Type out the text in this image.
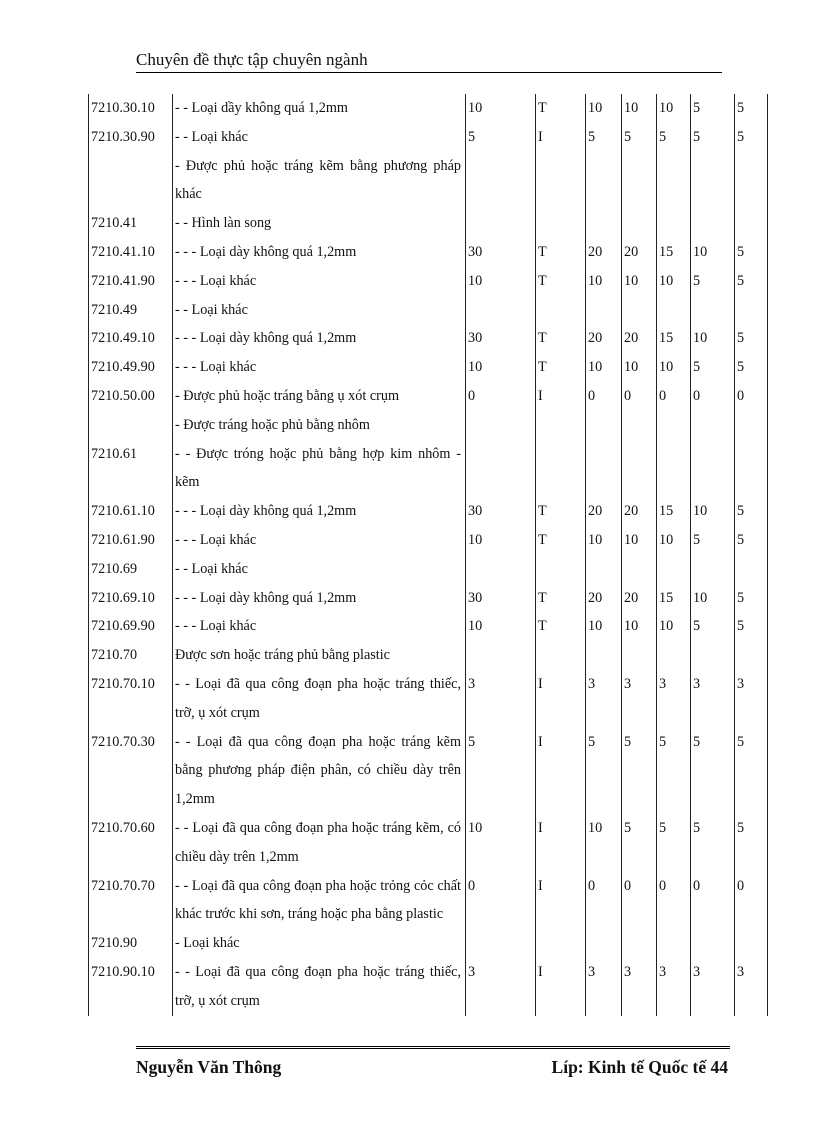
Chuyên đề thực tập chuyên ngành
7210.30.10	- - Loại dầy không quá 1,2mm	10	T	10	10	10	5	5
7210.30.90	- - Loại khác	5	I	5	5	5	5	5
	- Được phủ hoặc tráng kẽm bằng phương pháp khác							
7210.41	- - Hình làn song							
7210.41.10	- - - Loại dày không quá 1,2mm	30	T	20	20	15	10	5
7210.41.90	- - - Loại khác	10	T	10	10	10	5	5
7210.49	- - Loại khác							
7210.49.10	- - - Loại dày không quá 1,2mm	30	T	20	20	15	10	5
7210.49.90	- - - Loại khác	10	T	10	10	10	5	5
7210.50.00	- Được phủ hoặc tráng bằng ụ xót crụm	0	I	0	0	0	0	0
	- Được tráng hoặc phủ bằng nhôm							
7210.61	- - Được tróng hoặc phủ bằng hợp kim nhôm - kẽm							
7210.61.10	- - - Loại dày không quá 1,2mm	30	T	20	20	15	10	5
7210.61.90	- - - Loại khác	10	T	10	10	10	5	5
7210.69	- - Loại khác							
7210.69.10	- - - Loại dày không quá 1,2mm	30	T	20	20	15	10	5
7210.69.90	- - - Loại khác	10	T	10	10	10	5	5
7210.70	Được sơn hoặc tráng phủ bằng plastic							
7210.70.10	- - Loại đã qua công đoạn pha hoặc tráng thiếc, trỡ, ụ xót crụm	3	I	3	3	3	3	3
7210.70.30	- - Loại đã qua công đoạn pha hoặc tráng kẽm bằng phương pháp điện phân, có chiều dày trên 1,2mm	5	I	5	5	5	5	5
7210.70.60	- - Loại đã qua công đoạn pha hoặc tráng kẽm, có chiều dày trên 1,2mm	10	I	10	5	5	5	5
7210.70.70	- - Loại đã qua công đoạn pha hoặc trỏng cỏc chất khác trước khi sơn, tráng hoặc pha bằng plastic	0	I	0	0	0	0	0
7210.90	- Loại khác							
7210.90.10	- - Loại đã qua công đoạn pha hoặc tráng thiếc, trỡ, ụ xót crụm	3	I	3	3	3	3	3
Nguyễn Văn Thông	Líp: Kinh tế Quốc tế 44
